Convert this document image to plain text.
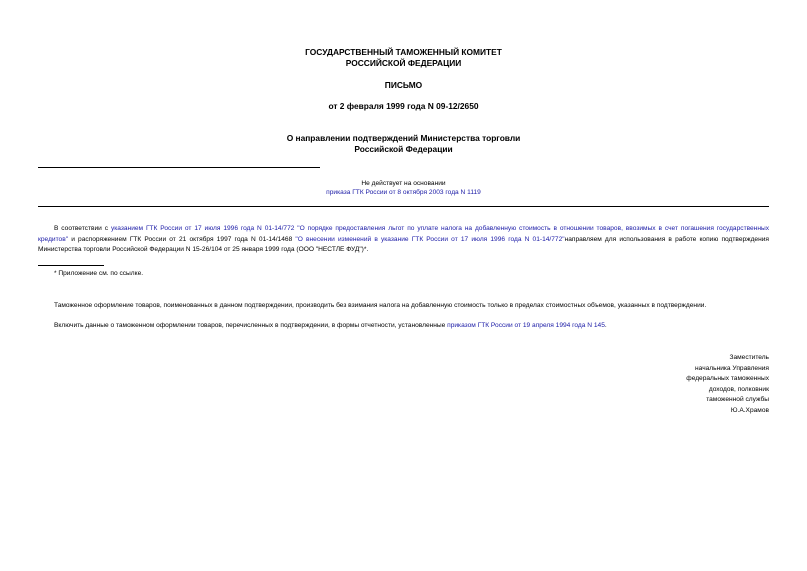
ГОСУДАРСТВЕННЫЙ ТАМОЖЕННЫЙ КОМИТЕТ
РОССИЙСКОЙ ФЕДЕРАЦИИ
ПИСЬМО
от 2 февраля 1999 года N 09-12/2650
О направлении подтверждений Министерства торговли
Российской Федерации
Не действует на основании
приказа ГТК России от 8 октября 2003 года N 1119
В соответствии с указанием ГТК России от 17 июля 1996 года N 01-14/772 "О порядке предоставления льгот по уплате налога на добавленную стоимость в отношении товаров, ввозимых в счет погашения государственных кредитов" и распоряжением ГТК России от 21 октября 1997 года N 01-14/1468 "О внесении изменений в указание ГТК России от 17 июля 1996 года N 01-14/772"направляем для использования в работе копию подтверждения Министерства торговли Российской Федерации N 15-26/104 от 25 января 1999 года (ООО "НЕСТЛЕ ФУД")*.
* Приложение см. по ссылке.
Таможенное оформление товаров, поименованных в данном подтверждении, производить без взимания налога на добавленную стоимость только в пределах стоимостных объемов, указанных в подтверждении.
Включить данные о таможенном оформлении товаров, перечисленных в подтверждении, в формы отчетности, установленные приказом ГТК России от 19 апреля 1994 года N 145.
Заместитель
начальника Управления
федеральных таможенных
доходов, полковник
таможенной службы
Ю.А.Храмов
